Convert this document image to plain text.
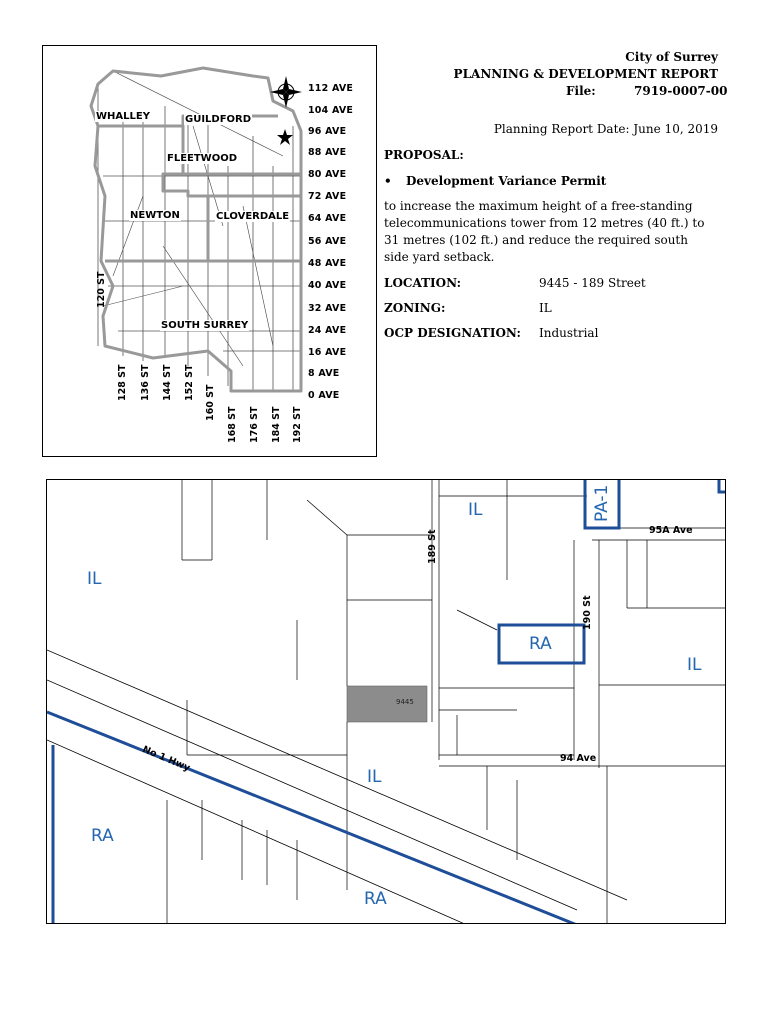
WHALLEY	GUILDFORD
FLEETWOOD
NEWTON	CLOVERDALE
SOUTH SURREY
112 AVE
104 AVE
96 AVE
88 AVE
80 AVE
72 AVE
64 AVE
56 AVE
48 AVE
40 AVE
32 AVE
24 AVE
16 AVE
8 AVE
0 AVE
120 ST
128 ST 136 ST 144 ST 152 ST
160 ST
168 ST 176 ST 184 ST 192 ST
City of Surrey
PLANNING & DEVELOPMENT REPORT
File:	7919-0007-00
Planning Report Date: June 10, 2019
PROPOSAL:
• Development Variance Permit
to increase the maximum height of a free-standing telecommunications tower from 12 metres (40 ft.) to 31 metres (102 ft.) and reduce the required south side yard setback.
LOCATION:	9445 - 189 Street
ZONING:	IL
OCP DESIGNATION: Industrial
IL
IL
IL
IL
RA
RA
RA
PA-1
189 St
190 St
95A Ave
94 Ave
No 1 Hwy
9445
